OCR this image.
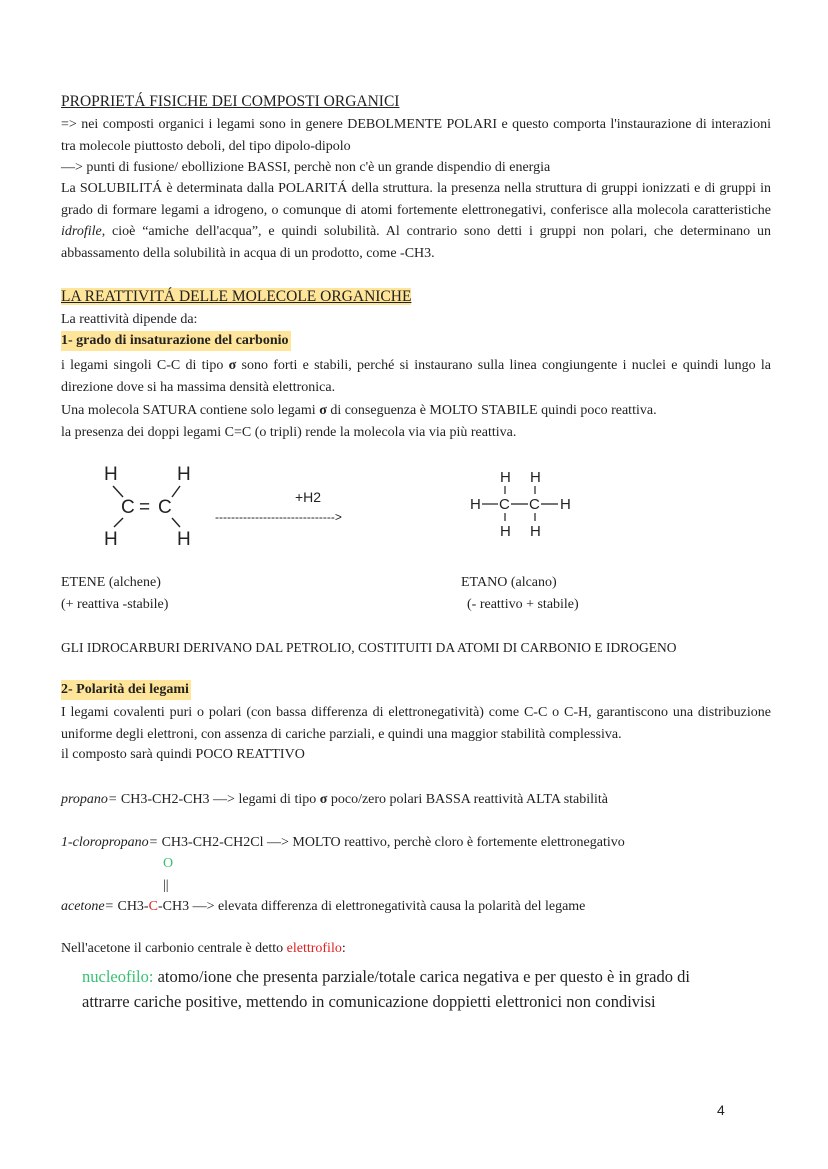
PROPRIETÁ FISICHE DEI COMPOSTI ORGANICI
=> nei composti organici i legami sono in genere DEBOLMENTE POLARI e questo comporta l'instaurazione di interazioni tra molecole piuttosto deboli, del tipo dipolo-dipolo
—> punti di fusione/ ebollizione BASSI, perchè non c'è un grande dispendio di energia
La SOLUBILITÁ è determinata dalla POLARITÁ della struttura. la presenza nella struttura di gruppi ionizzati e di gruppi in grado di formare legami a idrogeno, o comunque di atomi fortemente elettronegativi, conferisce alla molecola caratteristiche idrofile, cioè “amiche dell'acqua”, e quindi solubilità. Al contrario sono detti i gruppi non polari, che determinano un abbassamento della solubilità in acqua di un prodotto, come -CH3.
LA REATTIVITÁ DELLE MOLECOLE ORGANICHE
La reattività dipende da:
1- grado di insaturazione del carbonio
i legami singoli C-C di tipo σ sono forti e stabili, perché si instaurano sulla linea congiungente i nuclei e quindi lungo la direzione dove si ha massima densità elettronica.
Una molecola SATURA contiene solo legami σ di conseguenza è MOLTO STABILE quindi poco reattiva.
la presenza dei doppi legami C=C (o tripli) rende la molecola via via più reattiva.
H	H
C = C
H	H
+H2
------------------------------>
H H
H C C H
H H
ETENE (alchene)
(+ reattiva -stabile)
ETANO (alcano)
(- reattivo + stabile)
GLI IDROCARBURI DERIVANO DAL PETROLIO, COSTITUITI DA ATOMI DI CARBONIO E IDROGENO
2- Polarità dei legami
I legami covalenti puri o polari (con bassa differenza di elettronegatività) come C-C o C-H, garantiscono una distribuzione uniforme degli elettroni, con assenza di cariche parziali, e quindi una maggior stabilità complessiva.
il composto sarà quindi POCO REATTIVO
propano= CH3-CH2-CH3 —> legami di tipo σ poco/zero polari BASSA reattività ALTA stabilità
1-cloropropano= CH3-CH2-CH2Cl —> MOLTO reattivo, perchè cloro è fortemente elettronegativo
O
||
acetone= CH3-C-CH3 —> elevata differenza di elettronegatività causa la polarità del legame
Nell'acetone il carbonio centrale è detto elettrofilo:
nucleofilo: atomo/ione che presenta parziale/totale carica negativa e per questo è in grado di attrarre cariche positive, mettendo in comunicazione doppietti elettronici non condivisi
4
